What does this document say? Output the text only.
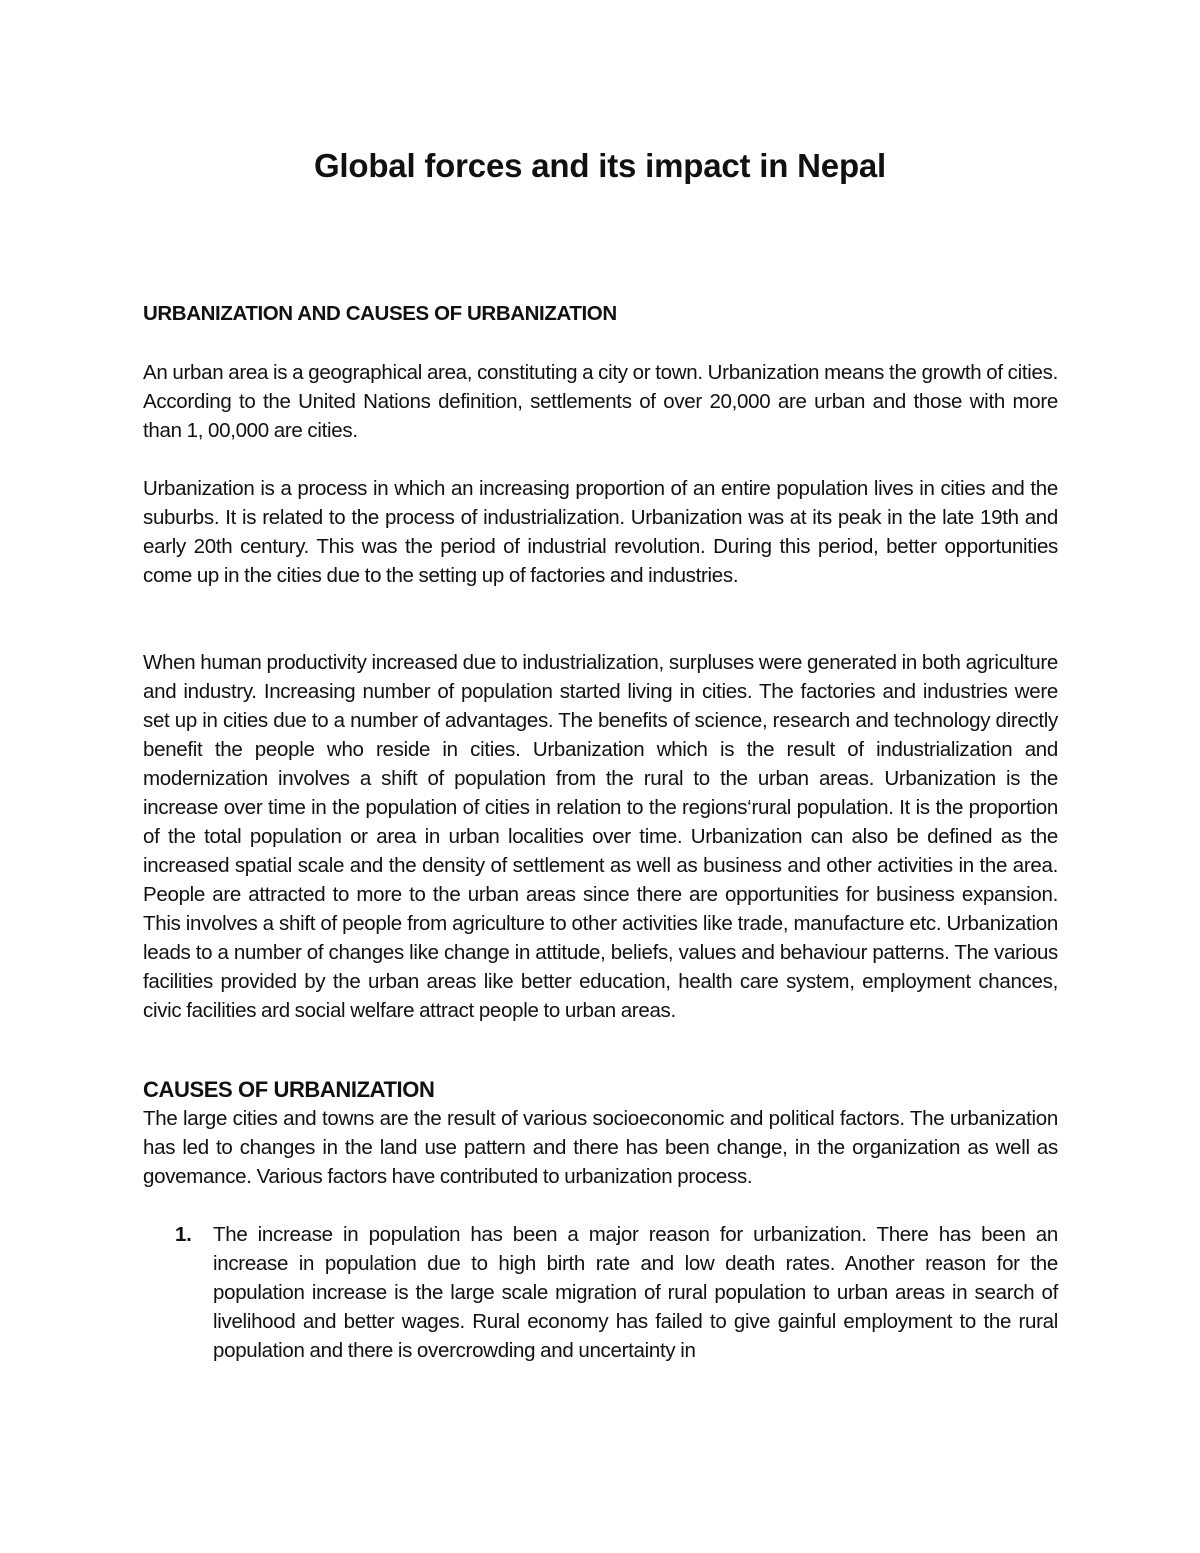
Global forces and its impact in Nepal
URBANIZATION AND CAUSES OF URBANIZATION

An urban area is a geographical area, constituting a city or town. Urbanization means the growth of cities. According to the United Nations definition, settlements of over 20,000 are urban and those with more than 1, 00,000 are cities.

Urbanization is a process in which an increasing proportion of an entire population lives in cities and the suburbs. It is related to the process of industrialization. Urbanization was at its peak in the late 19th and early 20th century. This was the period of industrial revolution. During this period, better opportunities come up in the cities due to the setting up of factories and industries.

When human productivity increased due to industrialization, surpluses were generated in both agriculture and industry. Increasing number of population started living in cities. The factories and industries were set up in cities due to a number of advantages. The benefits of science, research and technology directly benefit the people who reside in cities. Urbanization which is the result of industrialization and modernization involves a shift of population from the rural to the urban areas. Urbanization is the increase over time in the population of cities in relation to the regions‘rural population. It is the proportion of the total population or area in urban localities over time. Urbanization can also be defined as the increased spatial scale and the density of settlement as well as business and other activities in the area. People are attracted to more to the urban areas since there are opportunities for business expansion. This involves a shift of people from agriculture to other activities like trade, manufacture etc. Urbanization leads to a number of changes like change in attitude, beliefs, values and behaviour patterns. The various facilities provided by the urban areas like better education, health care system, employment chances, civic facilities ard social welfare attract people to urban areas.

CAUSES OF URBANIZATION

The large cities and towns are the result of various socioeconomic and political factors. The urbanization has led to changes in the land use pattern and there has been change, in the organization as well as govemance. Various factors have contributed to urbanization process.

1. The increase in population has been a major reason for urbanization. There has been an increase in population due to high birth rate and low death rates. Another reason for the population increase is the large scale migration of rural population to urban areas in search of livelihood and better wages. Rural economy has failed to give gainful employment to the rural population and there is overcrowding and uncertainty in
